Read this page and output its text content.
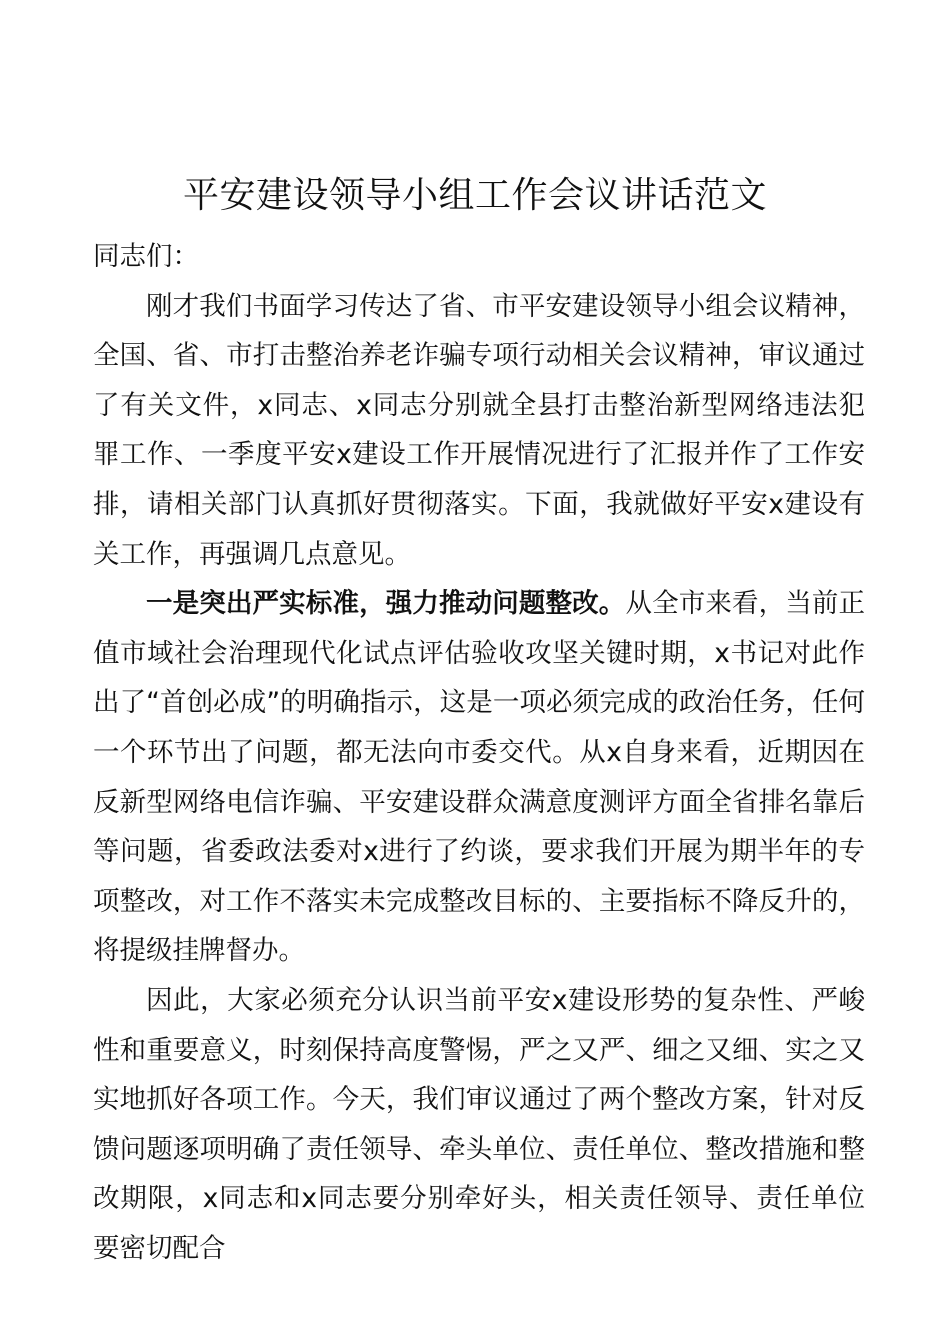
平安建设领导小组工作会议讲话范文

同志们：

刚才我们书面学习传达了省、市平安建设领导小组会议精神，全国、省、市打击整治养老诈骗专项行动相关会议精神，审议通过了有关文件，x同志、x同志分别就全县打击整治新型网络违法犯罪工作、一季度平安x建设工作开展情况进行了汇报并作了工作安排，请相关部门认真抓好贯彻落实。下面，我就做好平安x建设有关工作，再强调几点意见。

一是突出严实标准，强力推动问题整改。从全市来看，当前正值市域社会治理现代化试点评估验收攻坚关键时期，x书记对此作出了“首创必成”的明确指示，这是一项必须完成的政治任务，任何一个环节出了问题，都无法向市委交代。从x自身来看，近期因在反新型网络电信诈骗、平安建设群众满意度测评方面全省排名靠后等问题，省委政法委对x进行了约谈，要求我们开展为期半年的专项整改，对工作不落实未完成整改目标的、主要指标不降反升的，将提级挂牌督办。

因此，大家必须充分认识当前平安x建设形势的复杂性、严峻性和重要意义，时刻保持高度警惕，严之又严、细之又细、实之又实地抓好各项工作。今天，我们审议通过了两个整改方案，针对反馈问题逐项明确了责任领导、牵头单位、责任单位、整改措施和整改期限，x同志和x同志要分别牵好头，相关责任领导、责任单位要密切配合
